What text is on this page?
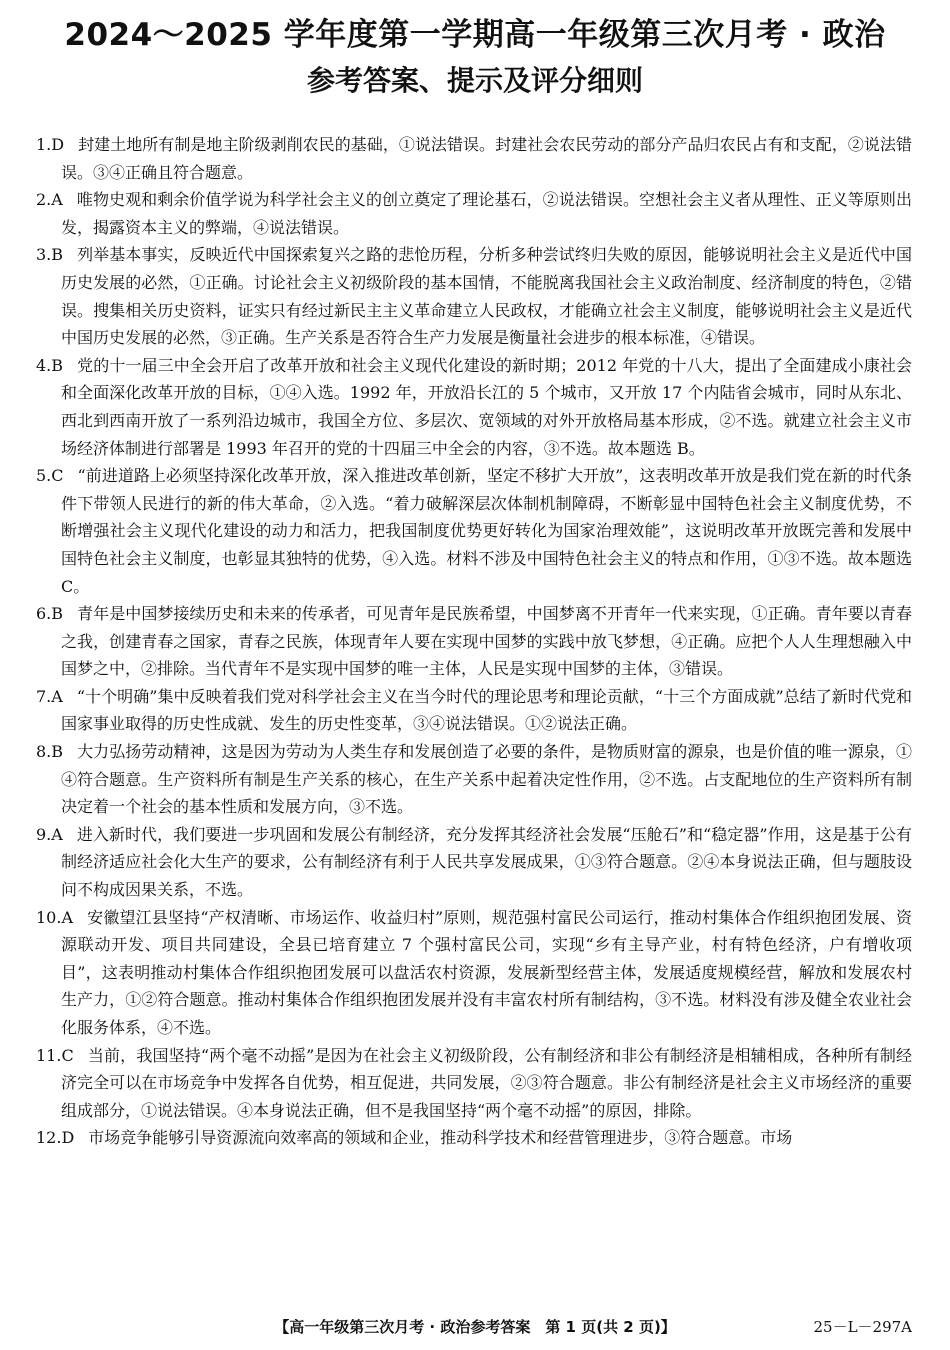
2024～2025 学年度第一学期高一年级第三次月考 · 政治
参考答案、提示及评分细则
1.D 封建土地所有制是地主阶级剥削农民的基础，①说法错误。封建社会农民劳动的部分产品归农民占有和支配，②说法错误。③④正确且符合题意。
2.A 唯物史观和剩余价值学说为科学社会主义的创立奠定了理论基石，②说法错误。空想社会主义者从理性、正义等原则出发，揭露资本主义的弊端，④说法错误。
3.B 列举基本事实，反映近代中国探索复兴之路的悲怆历程，分析多种尝试终归失败的原因，能够说明社会主义是近代中国历史发展的必然，①正确。讨论社会主义初级阶段的基本国情，不能脱离我国社会主义政治制度、经济制度的特色，②错误。搜集相关历史资料，证实只有经过新民主主义革命建立人民政权，才能确立社会主义制度，能够说明社会主义是近代中国历史发展的必然，③正确。生产关系是否符合生产力发展是衡量社会进步的根本标准，④错误。
4.B 党的十一届三中全会开启了改革开放和社会主义现代化建设的新时期；2012 年党的十八大，提出了全面建成小康社会和全面深化改革开放的目标，①④入选。1992 年，开放沿长江的 5 个城市，又开放 17 个内陆省会城市，同时从东北、西北到西南开放了一系列沿边城市，我国全方位、多层次、宽领域的对外开放格局基本形成，②不选。就建立社会主义市场经济体制进行部署是 1993 年召开的党的十四届三中全会的内容，③不选。故本题选 B。
5.C “前进道路上必须坚持深化改革开放，深入推进改革创新，坚定不移扩大开放”，这表明改革开放是我们党在新的时代条件下带领人民进行的新的伟大革命，②入选。“着力破解深层次体制机制障碍，不断彰显中国特色社会主义制度优势，不断增强社会主义现代化建设的动力和活力，把我国制度优势更好转化为国家治理效能”，这说明改革开放既完善和发展中国特色社会主义制度，也彰显其独特的优势，④入选。材料不涉及中国特色社会主义的特点和作用，①③不选。故本题选 C。
6.B 青年是中国梦接续历史和未来的传承者，可见青年是民族希望，中国梦离不开青年一代来实现，①正确。青年要以青春之我，创建青春之国家，青春之民族，体现青年人要在实现中国梦的实践中放飞梦想，④正确。应把个人人生理想融入中国梦之中，②排除。当代青年不是实现中国梦的唯一主体，人民是实现中国梦的主体，③错误。
7.A “十个明确”集中反映着我们党对科学社会主义在当今时代的理论思考和理论贡献，“十三个方面成就”总结了新时代党和国家事业取得的历史性成就、发生的历史性变革，③④说法错误。①②说法正确。
8.B 大力弘扬劳动精神，这是因为劳动为人类生存和发展创造了必要的条件，是物质财富的源泉，也是价值的唯一源泉，①④符合题意。生产资料所有制是生产关系的核心，在生产关系中起着决定性作用，②不选。占支配地位的生产资料所有制决定着一个社会的基本性质和发展方向，③不选。
9.A 进入新时代，我们要进一步巩固和发展公有制经济，充分发挥其经济社会发展“压舱石”和“稳定器”作用，这是基于公有制经济适应社会化大生产的要求，公有制经济有利于人民共享发展成果，①③符合题意。②④本身说法正确，但与题肢设问不构成因果关系，不选。
10.A 安徽望江县坚持“产权清晰、市场运作、收益归村”原则，规范强村富民公司运行，推动村集体合作组织抱团发展、资源联动开发、项目共同建设，全县已培育建立 7 个强村富民公司，实现“乡有主导产业，村有特色经济，户有增收项目”，这表明推动村集体合作组织抱团发展可以盘活农村资源，发展新型经营主体，发展适度规模经营，解放和发展农村生产力，①②符合题意。推动村集体合作组织抱团发展并没有丰富农村所有制结构，③不选。材料没有涉及健全农业社会化服务体系，④不选。
11.C 当前，我国坚持“两个毫不动摇”是因为在社会主义初级阶段，公有制经济和非公有制经济是相辅相成，各种所有制经济完全可以在市场竞争中发挥各自优势，相互促进，共同发展，②③符合题意。非公有制经济是社会主义市场经济的重要组成部分，①说法错误。④本身说法正确，但不是我国坚持“两个毫不动摇”的原因，排除。
12.D 市场竞争能够引导资源流向效率高的领域和企业，推动科学技术和经营管理进步，③符合题意。市场
【高一年级第三次月考 · 政治参考答案　第 1 页(共 2 页)】	25－L－297A
